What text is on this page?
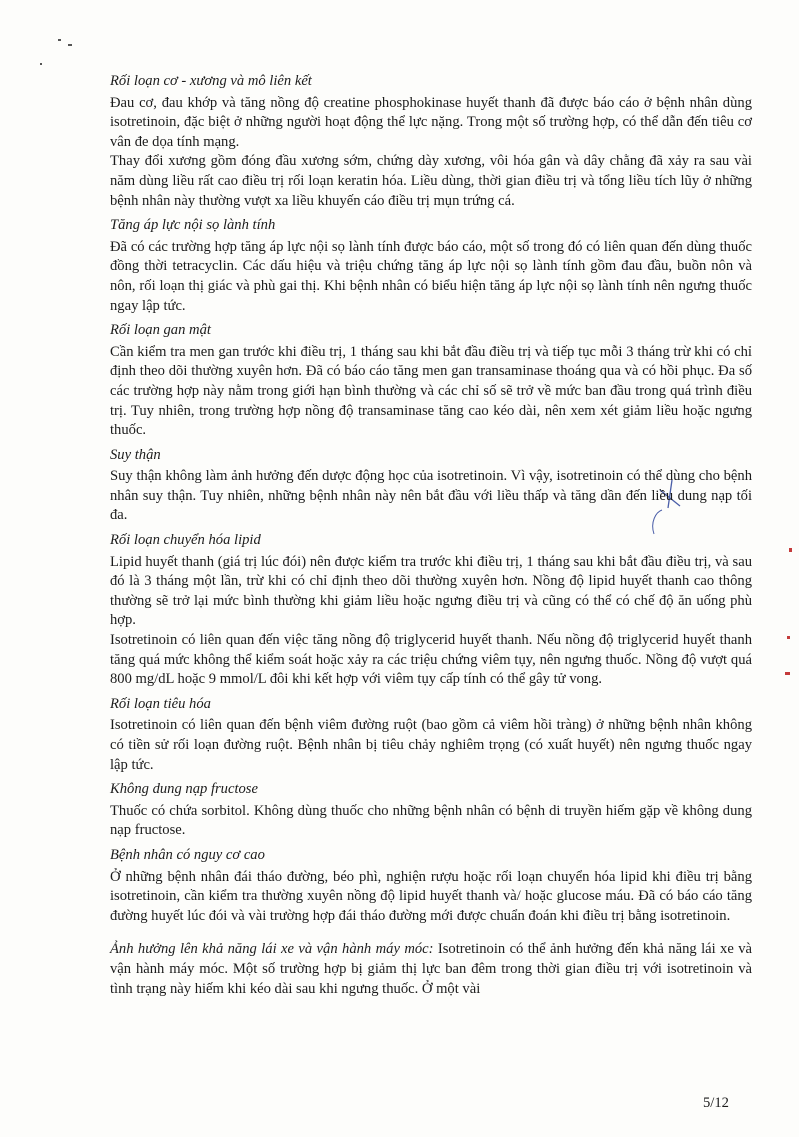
Rối loạn cơ - xương và mô liên kết

Đau cơ, đau khớp và tăng nồng độ creatine phosphokinase huyết thanh đã được báo cáo ở bệnh nhân dùng isotretinoin, đặc biệt ở những người hoạt động thể lực nặng. Trong một số trường hợp, có thể dẫn đến tiêu cơ vân đe dọa tính mạng.

Thay đổi xương gồm đóng đầu xương sớm, chứng dày xương, vôi hóa gân và dây chằng đã xảy ra sau vài năm dùng liều rất cao điều trị rối loạn keratin hóa. Liều dùng, thời gian điều trị và tổng liều tích lũy ở những bệnh nhân này thường vượt xa liều khuyến cáo điều trị mụn trứng cá.

Tăng áp lực nội sọ lành tính

Đã có các trường hợp tăng áp lực nội sọ lành tính được báo cáo, một số trong đó có liên quan đến dùng thuốc đồng thời tetracyclin. Các dấu hiệu và triệu chứng tăng áp lực nội sọ lành tính gồm đau đầu, buồn nôn và nôn, rối loạn thị giác và phù gai thị. Khi bệnh nhân có biểu hiện tăng áp lực nội sọ lành tính nên ngưng thuốc ngay lập tức.

Rối loạn gan mật

Cần kiểm tra men gan trước khi điều trị, 1 tháng sau khi bắt đầu điều trị và tiếp tục mỗi 3 tháng trừ khi có chỉ định theo dõi thường xuyên hơn. Đã có báo cáo tăng men gan transaminase thoáng qua và có hồi phục. Đa số các trường hợp này nằm trong giới hạn bình thường và các chỉ số sẽ trở về mức ban đầu trong quá trình điều trị. Tuy nhiên, trong trường hợp nồng độ transaminase tăng cao kéo dài, nên xem xét giảm liều hoặc ngưng thuốc.

Suy thận

Suy thận không làm ảnh hưởng đến dược động học của isotretinoin. Vì vậy, isotretinoin có thể dùng cho bệnh nhân suy thận. Tuy nhiên, những bệnh nhân này nên bắt đầu với liều thấp và tăng dần đến liều dung nạp tối đa.

Rối loạn chuyển hóa lipid

Lipid huyết thanh (giá trị lúc đói) nên được kiểm tra trước khi điều trị, 1 tháng sau khi bắt đầu điều trị, và sau đó là 3 tháng một lần, trừ khi có chỉ định theo dõi thường xuyên hơn. Nồng độ lipid huyết thanh cao thông thường sẽ trở lại mức bình thường khi giảm liều hoặc ngưng điều trị và cũng có thể có chế độ ăn uống phù hợp.

Isotretinoin có liên quan đến việc tăng nồng độ triglycerid huyết thanh. Nếu nồng độ triglycerid huyết thanh tăng quá mức không thể kiểm soát hoặc xảy ra các triệu chứng viêm tụy, nên ngưng thuốc. Nồng độ vượt quá 800 mg/dL hoặc 9 mmol/L đôi khi kết hợp với viêm tụy cấp tính có thể gây tử vong.

Rối loạn tiêu hóa

Isotretinoin có liên quan đến bệnh viêm đường ruột (bao gồm cả viêm hồi tràng) ở những bệnh nhân không có tiền sử rối loạn đường ruột. Bệnh nhân bị tiêu chảy nghiêm trọng (có xuất huyết) nên ngưng thuốc ngay lập tức.

Không dung nạp fructose

Thuốc có chứa sorbitol. Không dùng thuốc cho những bệnh nhân có bệnh di truyền hiếm gặp về không dung nạp fructose.

Bệnh nhân có nguy cơ cao

Ở những bệnh nhân đái tháo đường, béo phì, nghiện rượu hoặc rối loạn chuyển hóa lipid khi điều trị bằng isotretinoin, cần kiểm tra thường xuyên nồng độ lipid huyết thanh và/ hoặc glucose máu. Đã có báo cáo tăng đường huyết lúc đói và vài trường hợp đái tháo đường mới được chuẩn đoán khi điều trị bằng isotretinoin.

Ảnh hưởng lên khả năng lái xe và vận hành máy móc: Isotretinoin có thể ảnh hưởng đến khả năng lái xe và vận hành máy móc. Một số trường hợp bị giảm thị lực ban đêm trong thời gian điều trị với isotretinoin và tình trạng này hiếm khi kéo dài sau khi ngưng thuốc. Ở một vài

5/12
